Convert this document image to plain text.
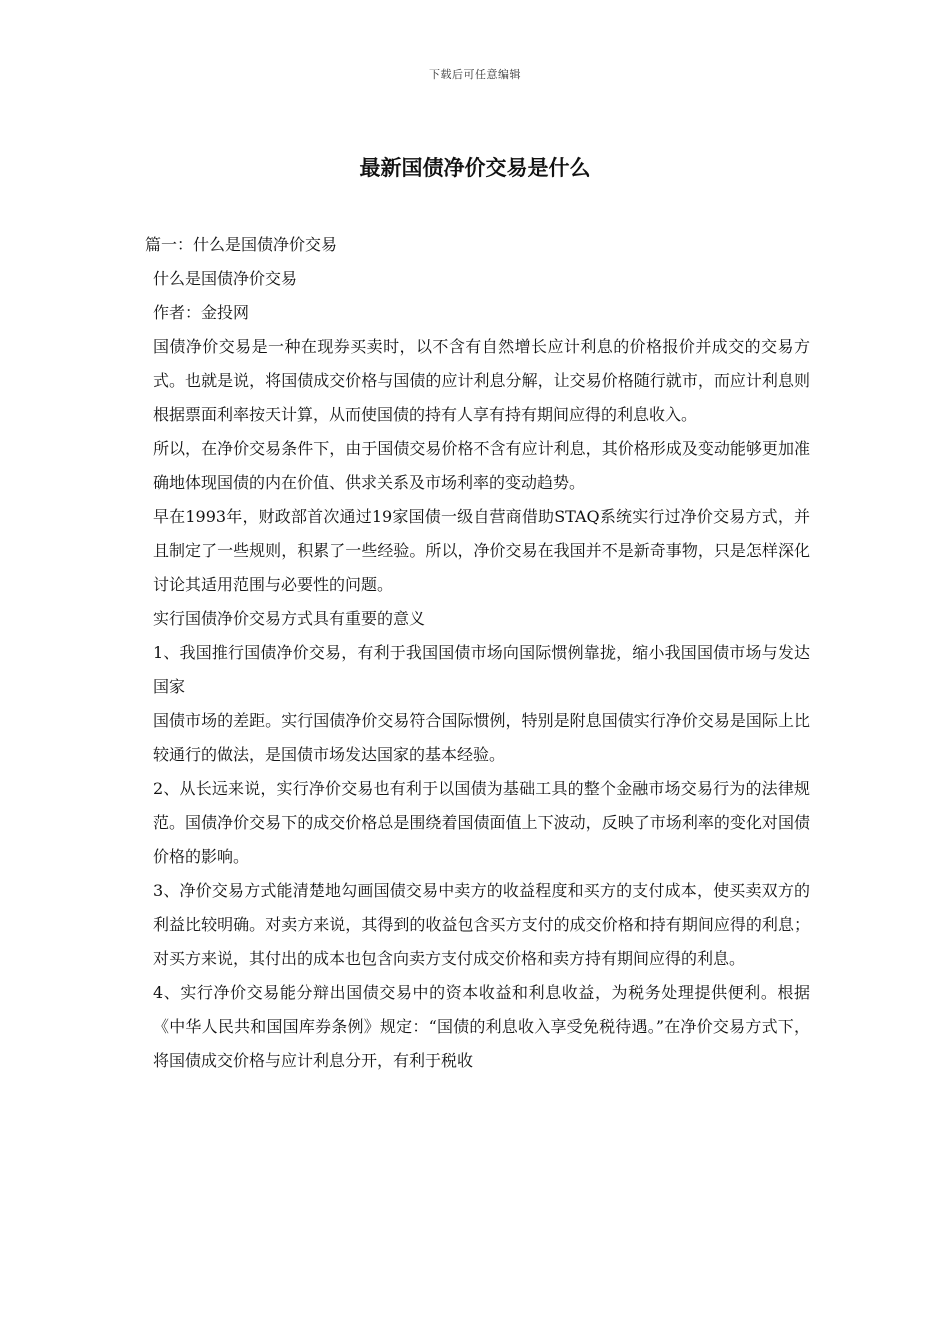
下载后可任意编辑
最新国债净价交易是什么

篇一：什么是国债净价交易

什么是国债净价交易

作者：金投网

国债净价交易是一种在现券买卖时，以不含有自然增长应计利息的价格报价并成交的交易方式。也就是说，将国债成交价格与国债的应计利息分解，让交易价格随行就市，而应计利息则根据票面利率按天计算，从而使国债的持有人享有持有期间应得的利息收入。

所以，在净价交易条件下，由于国债交易价格不含有应计利息，其价格形成及变动能够更加准确地体现国债的内在价值、供求关系及市场利率的变动趋势。

早在1993年，财政部首次通过19家国债一级自营商借助STAQ系统实行过净价交易方式，并且制定了一些规则，积累了一些经验。所以，净价交易在我国并不是新奇事物，只是怎样深化讨论其适用范围与必要性的问题。

实行国债净价交易方式具有重要的意义

1、我国推行国债净价交易，有利于我国国债市场向国际惯例靠拢，缩小我国国债市场与发达国家

国债市场的差距。实行国债净价交易符合国际惯例，特别是附息国债实行净价交易是国际上比较通行的做法，是国债市场发达国家的基本经验。

2、从长远来说，实行净价交易也有利于以国债为基础工具的整个金融市场交易行为的法律规范。国债净价交易下的成交价格总是围绕着国债面值上下波动，反映了市场利率的变化对国债价格的影响。

3、净价交易方式能清楚地勾画国债交易中卖方的收益程度和买方的支付成本，使买卖双方的利益比较明确。对卖方来说，其得到的收益包含买方支付的成交价格和持有期间应得的利息；对买方来说，其付出的成本也包含向卖方支付成交价格和卖方持有期间应得的利息。

4、实行净价交易能分辩出国债交易中的资本收益和利息收益，为税务处理提供便利。根据《中华人民共和国国库券条例》规定：“国债的利息收入享受免税待遇。”在净价交易方式下，将国债成交价格与应计利息分开，有利于税收
